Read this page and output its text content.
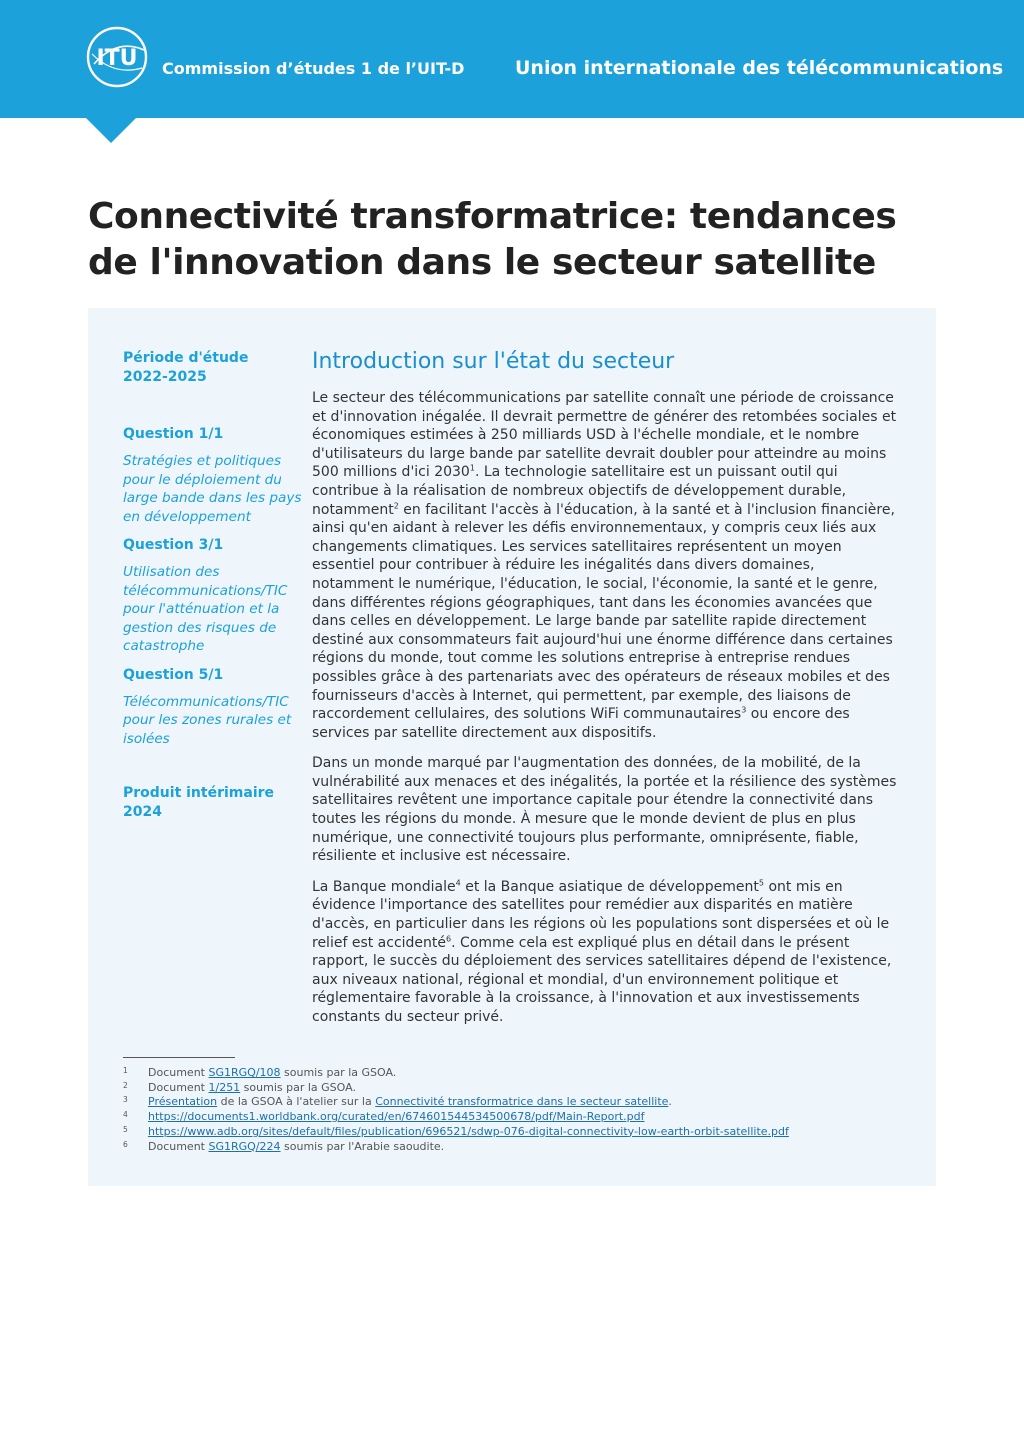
ITU Commission d’études 1 de l’UIT-D	Union internationale des télécommunications
Connectivité transformatrice: tendances
de l'innovation dans le secteur satellite
Période d'étude
2022-2025
Question 1/1
Stratégies et politiques pour le déploiement du large bande dans les pays en développement
Question 3/1
Utilisation des télécommunications/TIC pour l'atténuation et la gestion des risques de catastrophe
Question 5/1
Télécommunications/TIC pour les zones rurales et isolées
Produit intérimaire
2024
Introduction sur l'état du secteur

Le secteur des télécommunications par satellite connaît une période de croissance et d'innovation inégalée. Il devrait permettre de générer des retombées sociales et économiques estimées à 250 milliards USD à l'échelle mondiale, et le nombre d'utilisateurs du large bande par satellite devrait doubler pour atteindre au moins 500 millions d'ici 2030$^1$. La technologie satellitaire est un puissant outil qui contribue à la réalisation de nombreux objectifs de développement durable, notamment$^2$ en facilitant l'accès à l'éducation, à la santé et à l'inclusion financière, ainsi qu'en aidant à relever les défis environnementaux, y compris ceux liés aux changements climatiques. Les services satellitaires représentent un moyen essentiel pour contribuer à réduire les inégalités dans divers domaines, notamment le numérique, l'éducation, le social, l'économie, la santé et le genre, dans différentes régions géographiques, tant dans les économies avancées que dans celles en développement. Le large bande par satellite rapide directement destiné aux consommateurs fait aujourd'hui une énorme différence dans certaines régions du monde, tout comme les solutions entreprise à entreprise rendues possibles grâce à des partenariats avec des opérateurs de réseaux mobiles et des fournisseurs d'accès à Internet, qui permettent, par exemple, des liaisons de raccordement cellulaires, des solutions WiFi communautaires$^3$ ou encore des services par satellite directement aux dispositifs.

Dans un monde marqué par l'augmentation des données, de la mobilité, de la vulnérabilité aux menaces et des inégalités, la portée et la résilience des systèmes satellitaires revêtent une importance capitale pour étendre la connectivité dans toutes les régions du monde. À mesure que le monde devient de plus en plus numérique, une connectivité toujours plus performante, omniprésente, fiable, résiliente et inclusive est nécessaire.

La Banque mondiale$^4$ et la Banque asiatique de développement$^5$ ont mis en évidence l'importance des satellites pour remédier aux disparités en matière d'accès, en particulier dans les régions où les populations sont dispersées et où le relief est accidenté$^6$. Comme cela est expliqué plus en détail dans le présent rapport, le succès du déploiement des services satellitaires dépend de l'existence, aux niveaux national, régional et mondial, d'un environnement politique et réglementaire favorable à la croissance, à l'innovation et aux investissements constants du secteur privé.

1 Document SG1RGQ/108 soumis par la GSOA.
2 Document 1/251 soumis par la GSOA.
3 Présentation de la GSOA à l'atelier sur la Connectivité transformatrice dans le secteur satellite.
4 https://documents1.worldbank.org/curated/en/674601544534500678/pdf/Main-Report.pdf
5 https://www.adb.org/sites/default/files/publication/696521/sdwp-076-digital-connectivity-low-earth-orbit-satellite.pdf
6 Document SG1RGQ/224 soumis par l'Arabie saoudite.
